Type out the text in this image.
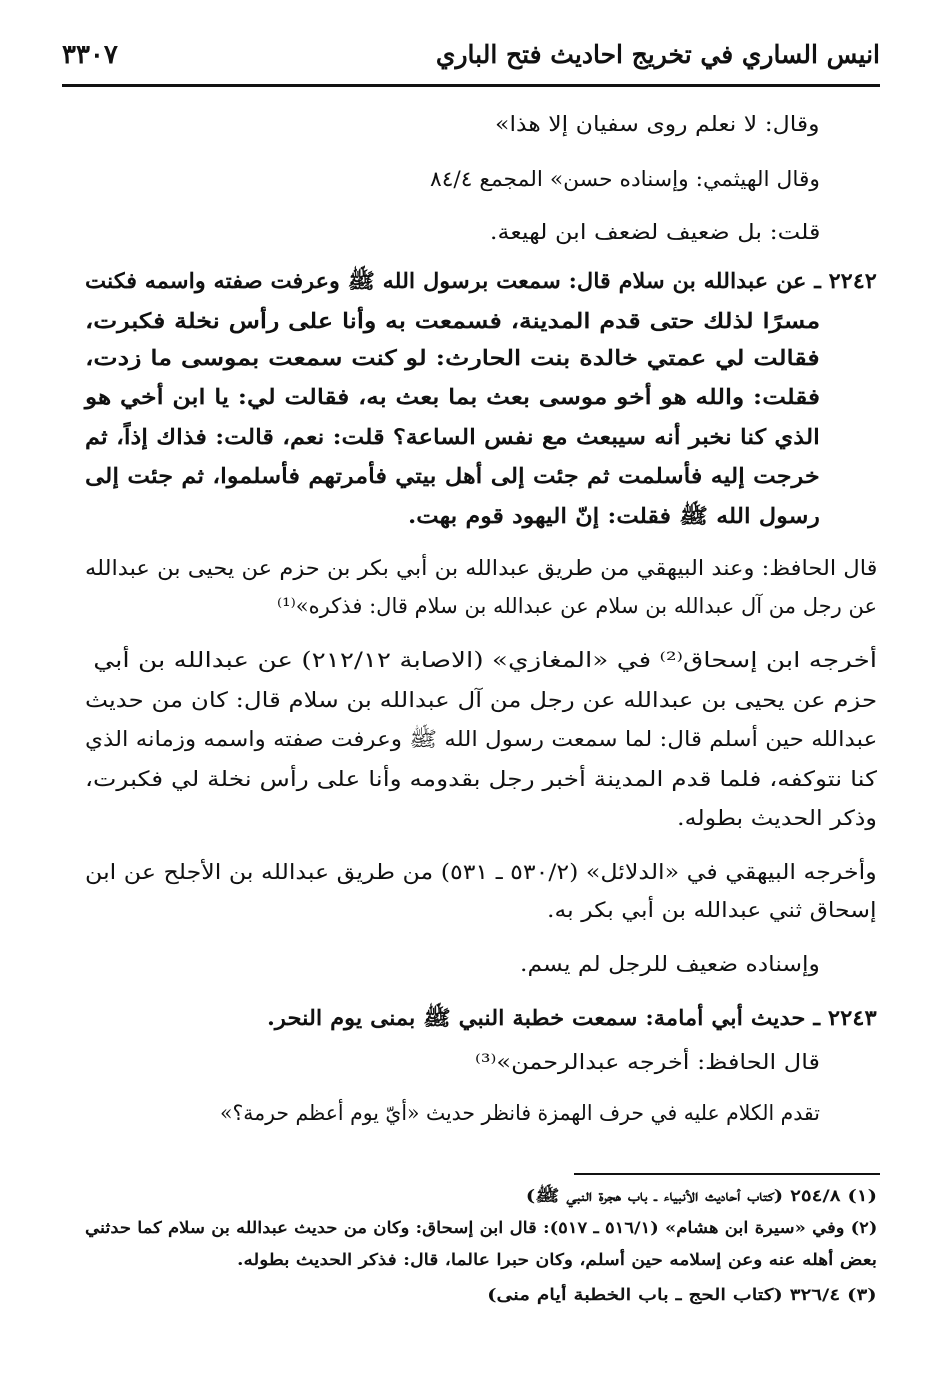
٣٣٠٧	انيس الساري في تخريج احاديث فتح الباري
وقال: لا نعلم روى سفيان إلا هذا»
وقال الهيثمي: وإسناده حسن» المجمع ٨٤/٤
قلت: بل ضعيف لضعف ابن لهيعة.
٢٢٤٢ ـ عن عبدالله بن سلام قال: سمعت برسول الله ﷺ وعرفت صفته واسمه فكنت
مسرًا لذلك حتى قدم المدينة، فسمعت به وأنا على رأس نخلة فكبرت،
فقالت لي عمتي خالدة بنت الحارث: لو كنت سمعت بموسى ما زدت،
فقلت: والله هو أخو موسى بعث بما بعث به، فقالت لي: يا ابن أخي هو
الذي كنا نخبر أنه سيبعث مع نفس الساعة؟ قلت: نعم، قالت: فذاك إذاً، ثم
خرجت إليه فأسلمت ثم جئت إلى أهل بيتي فأمرتهم فأسلموا، ثم جئت إلى
رسول الله ﷺ فقلت: إنّ اليهود قوم بهت.
قال الحافظ: وعند البيهقي من طريق عبدالله بن أبي بكر بن حزم عن يحيى بن عبدالله
عن رجل من آل عبدالله بن سلام عن عبدالله بن سلام قال: فذكره»⁽¹⁾
أخرجه ابن إسحاق⁽²⁾ في «المغازي» (الاصابة ٢١٢/١٢) عن عبدالله بن أبي
حزم عن يحيى بن عبدالله عن رجل من آل عبدالله بن سلام قال: كان من حديث
عبدالله حين أسلم قال: لما سمعت رسول الله ﷺ وعرفت صفته واسمه وزمانه الذي
كنا نتوكفه، فلما قدم المدينة أخبر رجل بقدومه وأنا على رأس نخلة لي فكبرت،
وذكر الحديث بطوله.
وأخرجه البيهقي في «الدلائل» (٥٣٠/٢ ـ ٥٣١) من طريق عبدالله بن الأجلح عن ابن
إسحاق ثني عبدالله بن أبي بكر به.
وإسناده ضعيف للرجل لم يسم.
٢٢٤٣ ـ حديث أبي أمامة: سمعت خطبة النبي ﷺ بمنى يوم النحر.
قال الحافظ: أخرجه عبدالرحمن»⁽³⁾
تقدم الكلام عليه في حرف الهمزة فانظر حديث «أيّ يوم أعظم حرمة؟»
(١) ٢٥٤/٨ (كتاب أحاديث الأنبياء ـ باب هجرة النبي ﷺ)
(٢) وفي «سيرة ابن هشام» (٥١٦/١ ـ ٥١٧): قال ابن إسحاق: وكان من حديث عبدالله بن سلام كما حدثني
بعض أهله عنه وعن إسلامه حين أسلم، وكان حبرا عالما، قال: فذكر الحديث بطوله.
(٣) ٣٢٦/٤ (كتاب الحج ـ باب الخطبة أيام منى)
